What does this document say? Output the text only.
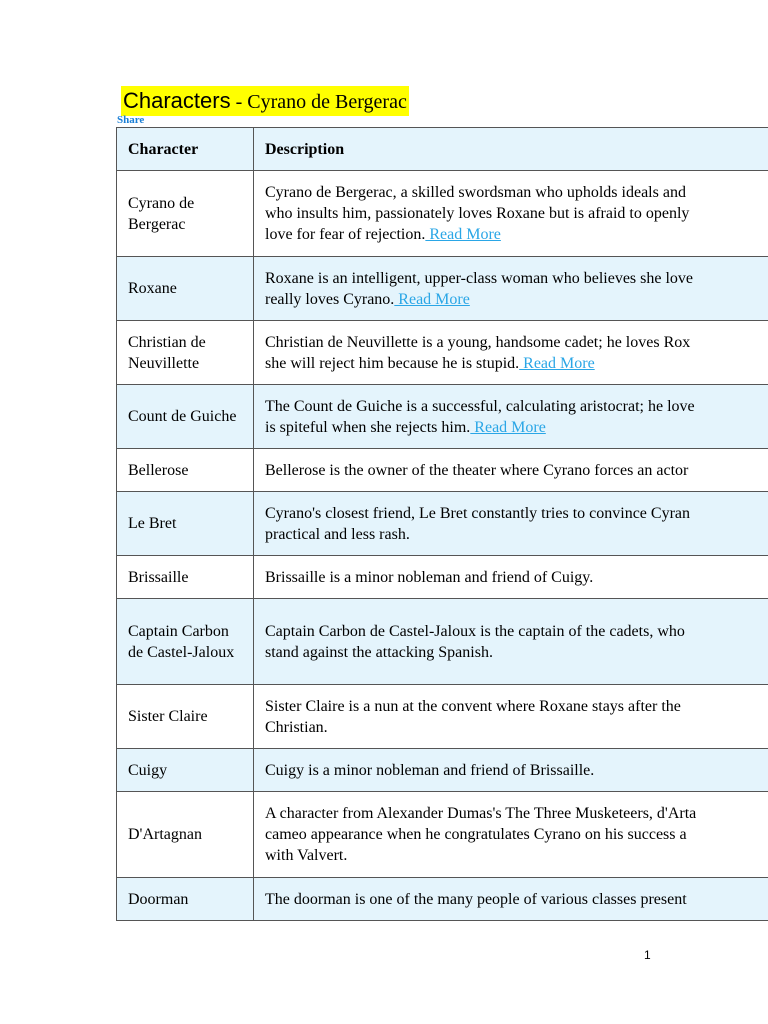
Characters - Cyrano de Bergerac
Share
Character	Description
Cyrano de Bergerac	Cyrano de Bergerac, a skilled swordsman who upholds ideals and
who insults him, passionately loves Roxane but is afraid to openly
love for fear of rejection. Read More
Roxane	Roxane is an intelligent, upper-class woman who believes she love
really loves Cyrano. Read More
Christian de Neuvillette	Christian de Neuvillette is a young, handsome cadet; he loves Rox
she will reject him because he is stupid. Read More
Count de Guiche	The Count de Guiche is a successful, calculating aristocrat; he love
is spiteful when she rejects him. Read More
Bellerose	Bellerose is the owner of the theater where Cyrano forces an actor
Le Bret	Cyrano's closest friend, Le Bret constantly tries to convince Cyran
practical and less rash.
Brissaille	Brissaille is a minor nobleman and friend of Cuigy.
Captain Carbon de Castel-Jaloux	Captain Carbon de Castel-Jaloux is the captain of the cadets, who
stand against the attacking Spanish.
Sister Claire	Sister Claire is a nun at the convent where Roxane stays after the
Christian.
Cuigy	Cuigy is a minor nobleman and friend of Brissaille.
D'Artagnan	A character from Alexander Dumas's The Three Musketeers, d'Arta
cameo appearance when he congratulates Cyrano on his success a
with Valvert.
Doorman	The doorman is one of the many people of various classes present
1
